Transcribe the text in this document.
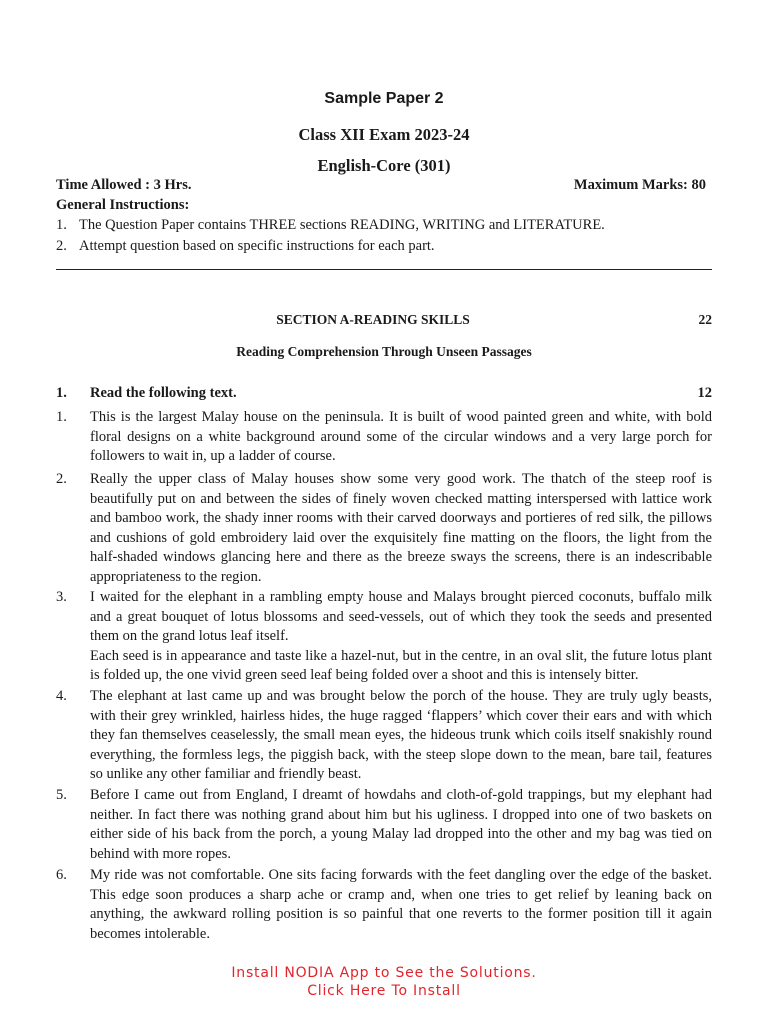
Sample Paper 2
Class XII Exam 2023-24
English-Core (301)
Time Allowed : 3 Hrs.	Maximum Marks: 80
General Instructions:
1. The Question Paper contains THREE sections READING, WRITING and LITERATURE.
2. Attempt question based on specific instructions for each part.
SECTION A-READING SKILLS	22
Reading Comprehension Through Unseen Passages
1. Read the following text.	12
1. This is the largest Malay house on the peninsula. It is built of wood painted green and white, with bold floral designs on a white background around some of the circular windows and a very large porch for followers to wait in, up a ladder of course.

2. Really the upper class of Malay houses show some very good work. The thatch of the steep roof is beautifully put on and between the sides of finely woven checked matting interspersed with lattice work and bamboo work, the shady inner rooms with their carved doorways and portieres of red silk, the pillows and cushions of gold embroidery laid over the exquisitely fine matting on the floors, the light from the half-shaded windows glancing here and there as the breeze sways the screens, there is an indescribable appropriateness to the region.

3. I waited for the elephant in a rambling empty house and Malays brought pierced coconuts, buffalo milk and a great bouquet of lotus blossoms and seed-vessels, out of which they took the seeds and presented them on the grand lotus leaf itself.

Each seed is in appearance and taste like a hazel-nut, but in the centre, in an oval slit, the future lotus plant is folded up, the one vivid green seed leaf being folded over a shoot and this is intensely bitter.

4. The elephant at last came up and was brought below the porch of the house. They are truly ugly beasts, with their grey wrinkled, hairless hides, the huge ragged ‘flappers’ which cover their ears and with which they fan themselves ceaselessly, the small mean eyes, the hideous trunk which coils itself snakishly round everything, the formless legs, the piggish back, with the steep slope down to the mean, bare tail, features so unlike any other familiar and friendly beast.

5. Before I came out from England, I dreamt of howdahs and cloth-of-gold trappings, but my elephant had neither. In fact there was nothing grand about him but his ugliness. I dropped into one of two baskets on either side of his back from the porch, a young Malay lad dropped into the other and my bag was tied on behind with more ropes.

6. My ride was not comfortable. One sits facing forwards with the feet dangling over the edge of the basket. This edge soon produces a sharp ache or cramp and, when one tries to get relief by leaning back on anything, the awkward rolling position is so painful that one reverts to the former position till it again becomes intolerable.

Install NODIA App to See the Solutions.
Click Here To Install
